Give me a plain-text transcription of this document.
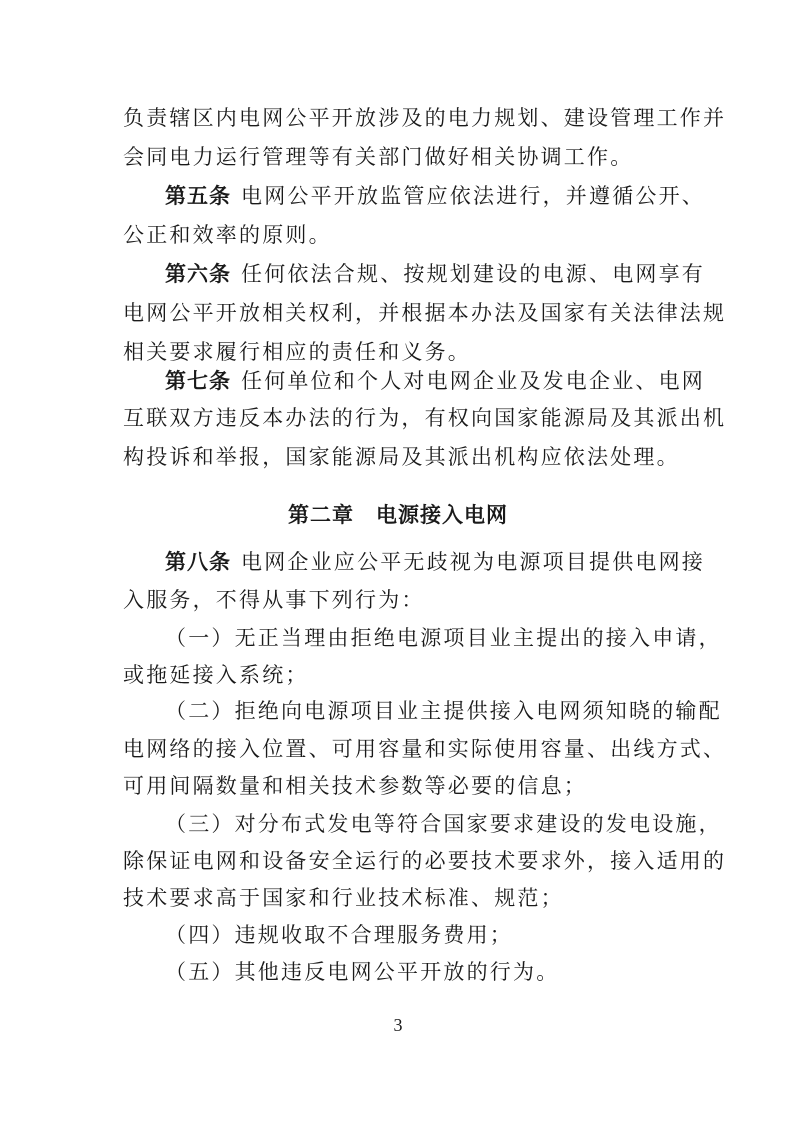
负责辖区内电网公平开放涉及的电力规划、建设管理工作并
会同电力运行管理等有关部门做好相关协调工作。
第五条 电网公平开放监管应依法进行，并遵循公开、
公正和效率的原则。
第六条 任何依法合规、按规划建设的电源、电网享有
电网公平开放相关权利，并根据本办法及国家有关法律法规
相关要求履行相应的责任和义务。
第七条 任何单位和个人对电网企业及发电企业、电网
互联双方违反本办法的行为，有权向国家能源局及其派出机
构投诉和举报，国家能源局及其派出机构应依法处理。
第二章 电源接入电网
第八条 电网企业应公平无歧视为电源项目提供电网接
入服务，不得从事下列行为：
（一）无正当理由拒绝电源项目业主提出的接入申请，
或拖延接入系统；
（二）拒绝向电源项目业主提供接入电网须知晓的输配
电网络的接入位置、可用容量和实际使用容量、出线方式、
可用间隔数量和相关技术参数等必要的信息；
（三）对分布式发电等符合国家要求建设的发电设施，
除保证电网和设备安全运行的必要技术要求外，接入适用的
技术要求高于国家和行业技术标准、规范；
（四）违规收取不合理服务费用；
（五）其他违反电网公平开放的行为。
3
